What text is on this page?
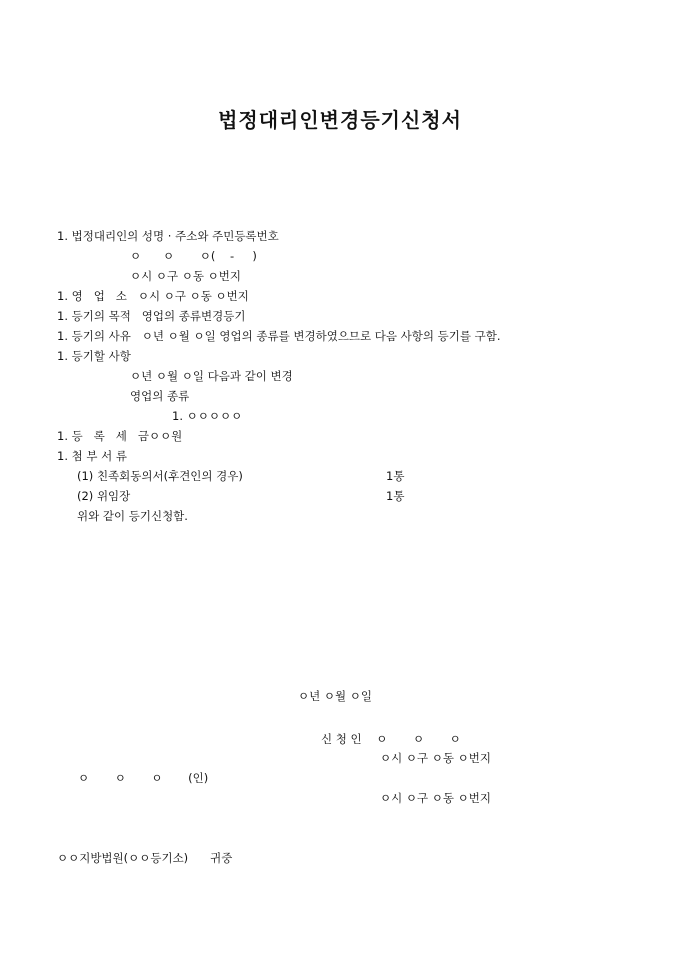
법정대리인변경등기신청서
1. 법정대리인의 성명 · 주소와 주민등록번호
ㅇ      ㅇ       ㅇ(    -     )
ㅇ시 ㅇ구 ㅇ동 ㅇ번지
1. 영   업   소   ㅇ시 ㅇ구 ㅇ동 ㅇ번지
1. 등기의 목적   영업의 종류변경등기
1. 등기의 사유   ㅇ년 ㅇ월 ㅇ일 영업의 종류를 변경하였으므로 다음 사항의 등기를 구함.
1. 등기할 사항
ㅇ년 ㅇ월 ㅇ일 다음과 같이 변경
영업의 종류
1. ㅇㅇㅇㅇㅇ
1. 등   록   세   금ㅇㅇ원
1. 첨 부 서 류
(1) 친족회동의서(후견인의 경우)	1통
(2) 위임장	1통
위와 같이 등기신청함.
ㅇ년 ㅇ월 ㅇ일
신 청 인    ㅇ       ㅇ       ㅇ
ㅇ시 ㅇ구 ㅇ동 ㅇ번지
ㅇ       ㅇ       ㅇ       (인)
ㅇ시 ㅇ구 ㅇ동 ㅇ번지
ㅇㅇ지방법원(ㅇㅇ등기소)      귀중
